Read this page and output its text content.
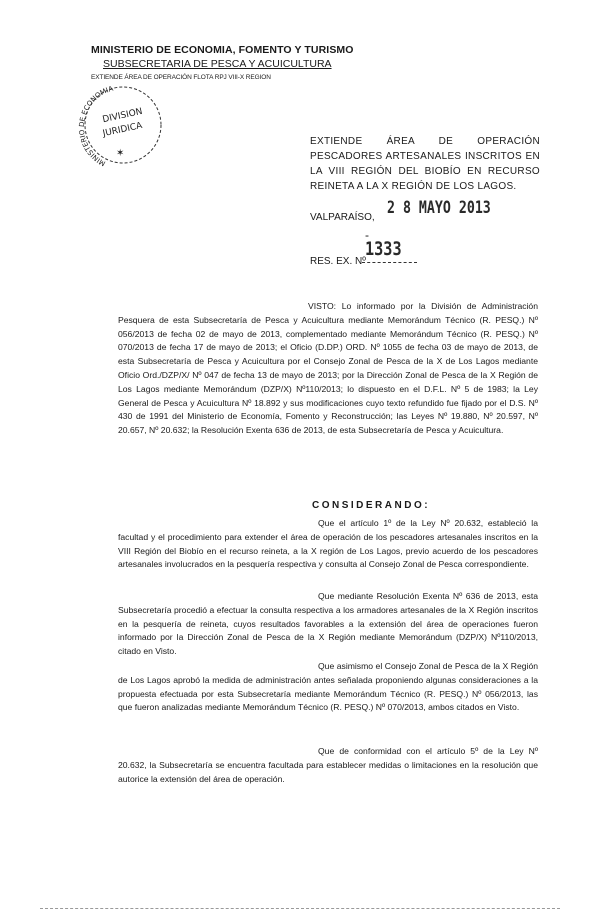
MINISTERIO DE ECONOMIA, FOMENTO Y TURISMO
SUBSECRETARIA DE PESCA Y ACUICULTURA
EXTIENDE ÁREA DE OPERACIÓN FLOTA RPJ VIII-X REGION
MINISTERIO DE ECONOMIA
DIVISION
JURIDICA
✶
EXTIENDE ÁREA DE OPERACIÓN PESCADORES ARTESANALES INSCRITOS EN LA VIII REGIÓN DEL BIOBÍO EN RECURSO REINETA A LA X REGIÓN DE LOS LAGOS.
2 8 MAYO 2013
VALPARAÍSO,
-
1333
RES. EX. Nº

VISTO: Lo informado por la División de Administración Pesquera de esta Subsecretaría de Pesca y Acuicultura mediante Memorándum Técnico (R. PESQ.) Nº 056/2013 de fecha 02 de mayo de 2013, complementado mediante Memorándum Técnico (R. PESQ.) Nº 070/2013 de fecha 17 de mayo de 2013; el Oficio (D.DP.) ORD. Nº 1055 de fecha 03 de mayo de 2013, de esta Subsecretaría de Pesca y Acuicultura por el Consejo Zonal de Pesca de la X de Los Lagos mediante Oficio Ord./DZP/X/ Nº 047 de fecha 13 de mayo de 2013; por la Dirección Zonal de Pesca de la X Región de Los Lagos mediante Memorándum (DZP/X) Nº110/2013; lo dispuesto en el D.F.L. Nº 5 de 1983; la Ley General de Pesca y Acuicultura Nº 18.892 y sus modificaciones cuyo texto refundido fue fijado por el D.S. Nº 430 de 1991 del Ministerio de Economía, Fomento y Reconstrucción; las Leyes Nº 19.880, Nº 20.597, Nº 20.657, Nº 20.632; la Resolución Exenta 636 de 2013, de esta Subsecretaría de Pesca y Acuicultura.

CONSIDERANDO:

Que el artículo 1º de la Ley Nº 20.632, estableció la facultad y el procedimiento para extender el área de operación de los pescadores artesanales inscritos en la VIII Región del Biobío en el recurso reineta, a la X región de Los Lagos, previo acuerdo de los pescadores artesanales involucrados en la pesquería respectiva y consulta al Consejo Zonal de Pesca correspondiente.

Que mediante Resolución Exenta Nº 636 de 2013, esta Subsecretaría procedió a efectuar la consulta respectiva a los armadores artesanales de la X Región inscritos en la pesquería de reineta, cuyos resultados favorables a la extensión del área de operaciones fueron informado por la Dirección Zonal de Pesca de la X Región mediante Memorándum (DZP/X) Nº110/2013, citado en Visto.

Que asimismo el Consejo Zonal de Pesca de la X Región de Los Lagos aprobó la medida de administración antes señalada proponiendo algunas consideraciones a la propuesta efectuada por esta Subsecretaría mediante Memorándum Técnico (R. PESQ.) Nº 056/2013, las que fueron analizadas mediante Memorándum Técnico (R. PESQ.) Nº 070/2013, ambos citados en Visto.

Que de conformidad con el artículo 5º de la Ley Nº 20.632, la Subsecretaría se encuentra facultada para establecer medidas o limitaciones en la resolución que autorice la extensión del área de operación.
